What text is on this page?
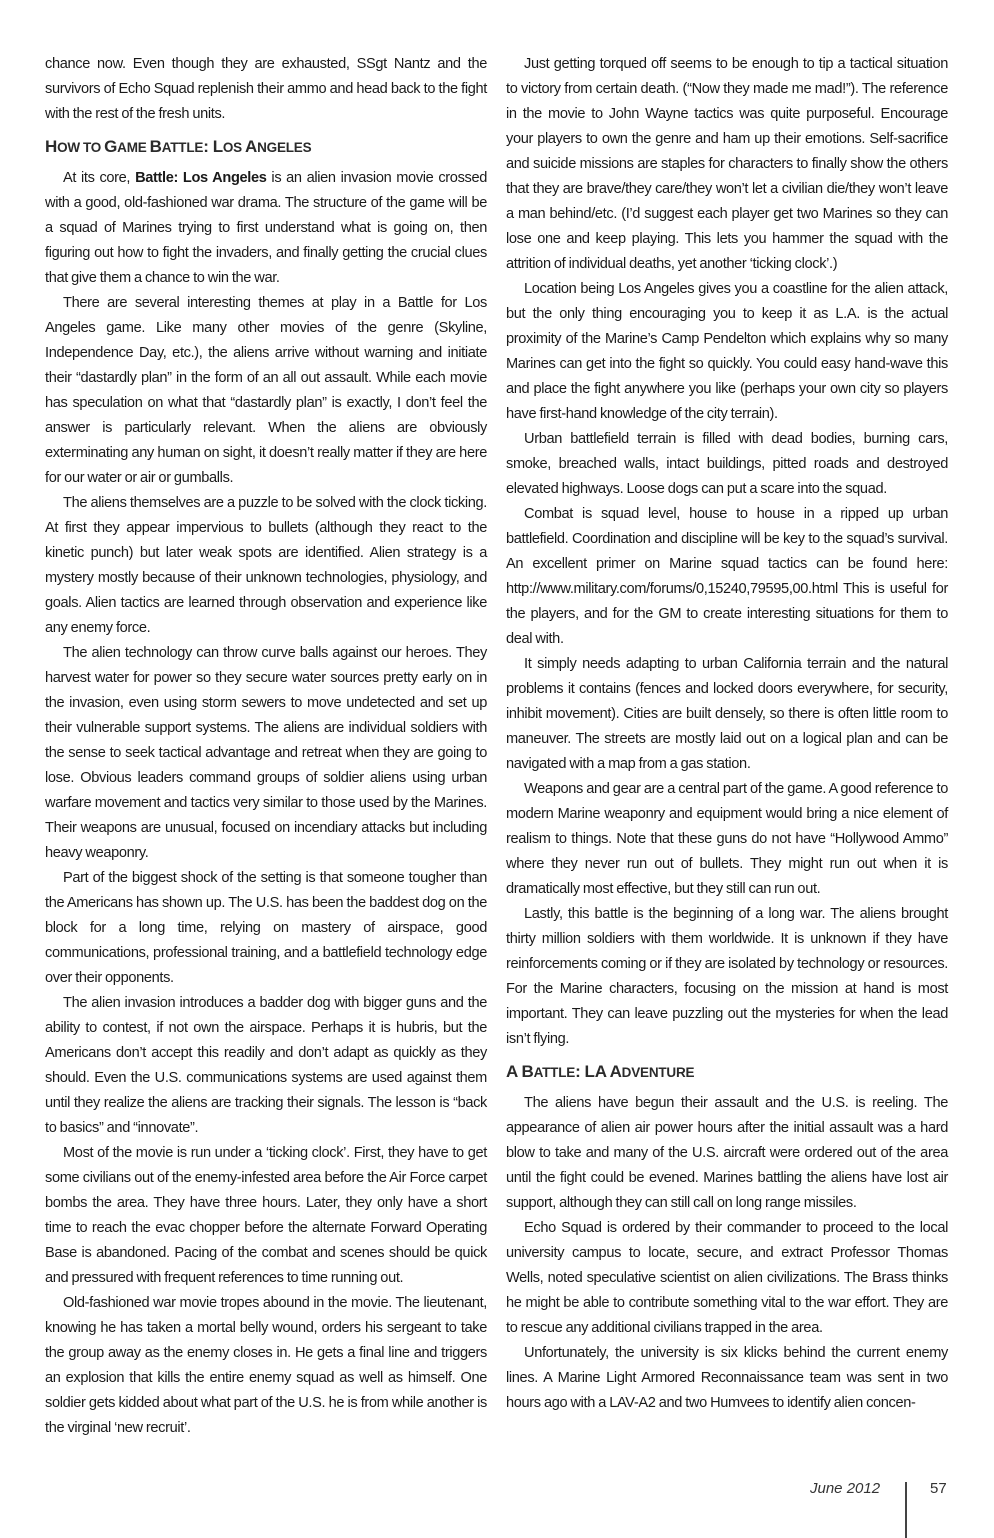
chance now. Even though they are exhausted, SSgt Nantz and the survivors of Echo Squad replenish their ammo and head back to the fight with the rest of the fresh units.

HOW TO GAME BATTLE: LOS ANGELES

At its core, Battle: Los Angeles is an alien invasion movie crossed with a good, old-fashioned war drama. The structure of the game will be a squad of Marines trying to first understand what is going on, then figuring out how to fight the invaders, and finally getting the crucial clues that give them a chance to win the war.

There are several interesting themes at play in a Battle for Los Angeles game. Like many other movies of the genre (Skyline, Independence Day, etc.), the aliens arrive without warning and initiate their “dastardly plan” in the form of an all out assault. While each movie has speculation on what that “dastardly plan” is exactly, I don’t feel the answer is particularly relevant. When the aliens are obviously exterminating any human on sight, it doesn’t really matter if they are here for our water or air or gumballs.

The aliens themselves are a puzzle to be solved with the clock ticking. At first they appear impervious to bullets (although they react to the kinetic punch) but later weak spots are identified. Alien strategy is a mystery mostly because of their unknown technologies, physiology, and goals. Alien tactics are learned through observation and experience like any enemy force.

The alien technology can throw curve balls against our heroes. They harvest water for power so they secure water sources pretty early on in the invasion, even using storm sewers to move undetected and set up their vulnerable support systems. The aliens are individual soldiers with the sense to seek tactical advantage and retreat when they are going to lose. Obvious leaders command groups of soldier aliens using urban warfare movement and tactics very similar to those used by the Marines. Their weapons are unusual, focused on incendiary attacks but including heavy weaponry.

Part of the biggest shock of the setting is that someone tougher than the Americans has shown up. The U.S. has been the baddest dog on the block for a long time, relying on mastery of airspace, good communications, professional training, and a battlefield technology edge over their opponents.

The alien invasion introduces a badder dog with bigger guns and the ability to contest, if not own the airspace. Perhaps it is hubris, but the Americans don’t accept this readily and don’t adapt as quickly as they should. Even the U.S. communications systems are used against them until they realize the aliens are tracking their signals. The lesson is “back to basics” and “innovate”.

Most of the movie is run under a ‘ticking clock’. First, they have to get some civilians out of the enemy-infested area before the Air Force carpet bombs the area. They have three hours. Later, they only have a short time to reach the evac chopper before the alternate Forward Operating Base is abandoned. Pacing of the combat and scenes should be quick and pressured with frequent references to time running out.

Old-fashioned war movie tropes abound in the movie. The lieutenant, knowing he has taken a mortal belly wound, orders his sergeant to take the group away as the enemy closes in. He gets a final line and triggers an explosion that kills the entire enemy squad as well as himself. One soldier gets kidded about what part of the U.S. he is from while another is the virginal ‘new recruit’.

Just getting torqued off seems to be enough to tip a tactical situation to victory from certain death. (“Now they made me mad!”). The reference in the movie to John Wayne tactics was quite purposeful. Encourage your players to own the genre and ham up their emotions. Self-sacrifice and suicide missions are staples for characters to finally show the others that they are brave/they care/they won’t let a civilian die/they won’t leave a man behind/etc. (I’d suggest each player get two Marines so they can lose one and keep playing. This lets you hammer the squad with the attrition of individual deaths, yet another ‘ticking clock’.)

Location being Los Angeles gives you a coastline for the alien attack, but the only thing encouraging you to keep it as L.A. is the actual proximity of the Marine’s Camp Pendelton which explains why so many Marines can get into the fight so quickly. You could easy hand-wave this and place the fight anywhere you like (perhaps your own city so players have first-hand knowledge of the city terrain).

Urban battlefield terrain is filled with dead bodies, burning cars, smoke, breached walls, intact buildings, pitted roads and destroyed elevated highways. Loose dogs can put a scare into the squad.

Combat is squad level, house to house in a ripped up urban battlefield. Coordination and discipline will be key to the squad’s survival. An excellent primer on Marine squad tactics can be found here: http://www.military.com/forums/0,15240,79595,00.html This is useful for the players, and for the GM to create interesting situations for them to deal with.

It simply needs adapting to urban California terrain and the natural problems it contains (fences and locked doors everywhere, for security, inhibit movement). Cities are built densely, so there is often little room to maneuver. The streets are mostly laid out on a logical plan and can be navigated with a map from a gas station.

Weapons and gear are a central part of the game. A good reference to modern Marine weaponry and equipment would bring a nice element of realism to things. Note that these guns do not have “Hollywood Ammo” where they never run out of bullets. They might run out when it is dramatically most effective, but they still can run out.

Lastly, this battle is the beginning of a long war. The aliens brought thirty million soldiers with them worldwide. It is unknown if they have reinforcements coming or if they are isolated by technology or resources. For the Marine characters, focusing on the mission at hand is most important. They can leave puzzling out the mysteries for when the lead isn’t flying.

A BATTLE: LA ADVENTURE

The aliens have begun their assault and the U.S. is reeling. The appearance of alien air power hours after the initial assault was a hard blow to take and many of the U.S. aircraft were ordered out of the area until the fight could be evened. Marines battling the aliens have lost air support, although they can still call on long range missiles.

Echo Squad is ordered by their commander to proceed to the local university campus to locate, secure, and extract Professor Thomas Wells, noted speculative scientist on alien civilizations. The Brass thinks he might be able to contribute something vital to the war effort. They are to rescue any additional civilians trapped in the area.

Unfortunately, the university is six klicks behind the current enemy lines. A Marine Light Armored Reconnaissance team was sent in two hours ago with a LAV-A2 and two Humvees to identify alien concen-

June 2012	57
